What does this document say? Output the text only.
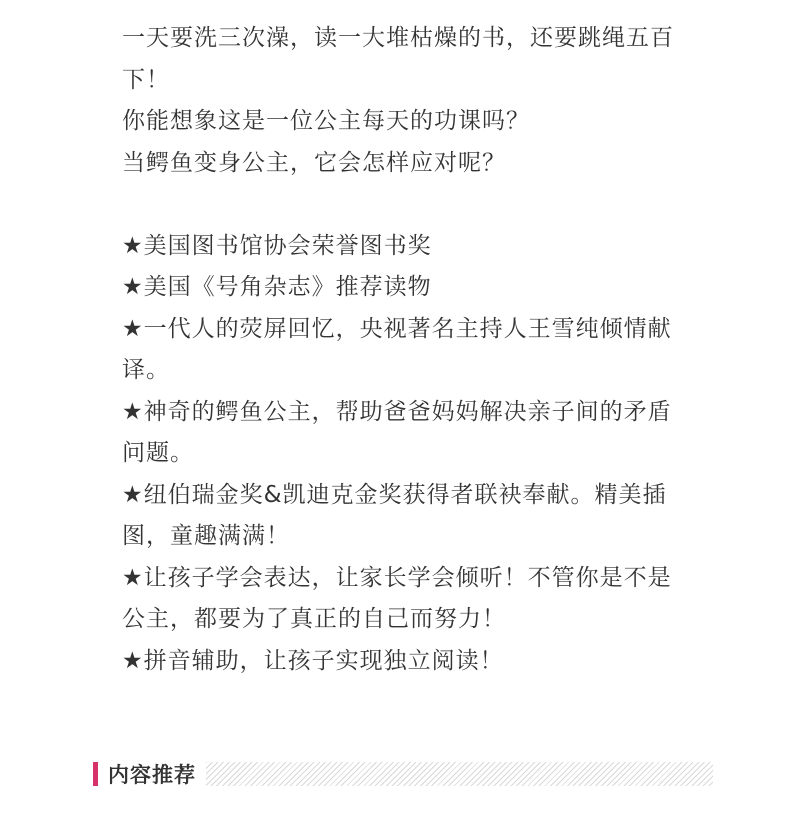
一天要洗三次澡，读一大堆枯燥的书，还要跳绳五百下！

你能想象这是一位公主每天的功课吗？

当鳄鱼变身公主，它会怎样应对呢？

★美国图书馆协会荣誉图书奖

★美国《号角杂志》推荐读物

★一代人的荧屏回忆，央视著名主持人王雪纯倾情献译。

★神奇的鳄鱼公主，帮助爸爸妈妈解决亲子间的矛盾问题。

★纽伯瑞金奖&凯迪克金奖获得者联袂奉献。精美插图，童趣满满！

★让孩子学会表达，让家长学会倾听！不管你是不是公主，都要为了真正的自己而努力！

★拼音辅助，让孩子实现独立阅读！

内容推荐
